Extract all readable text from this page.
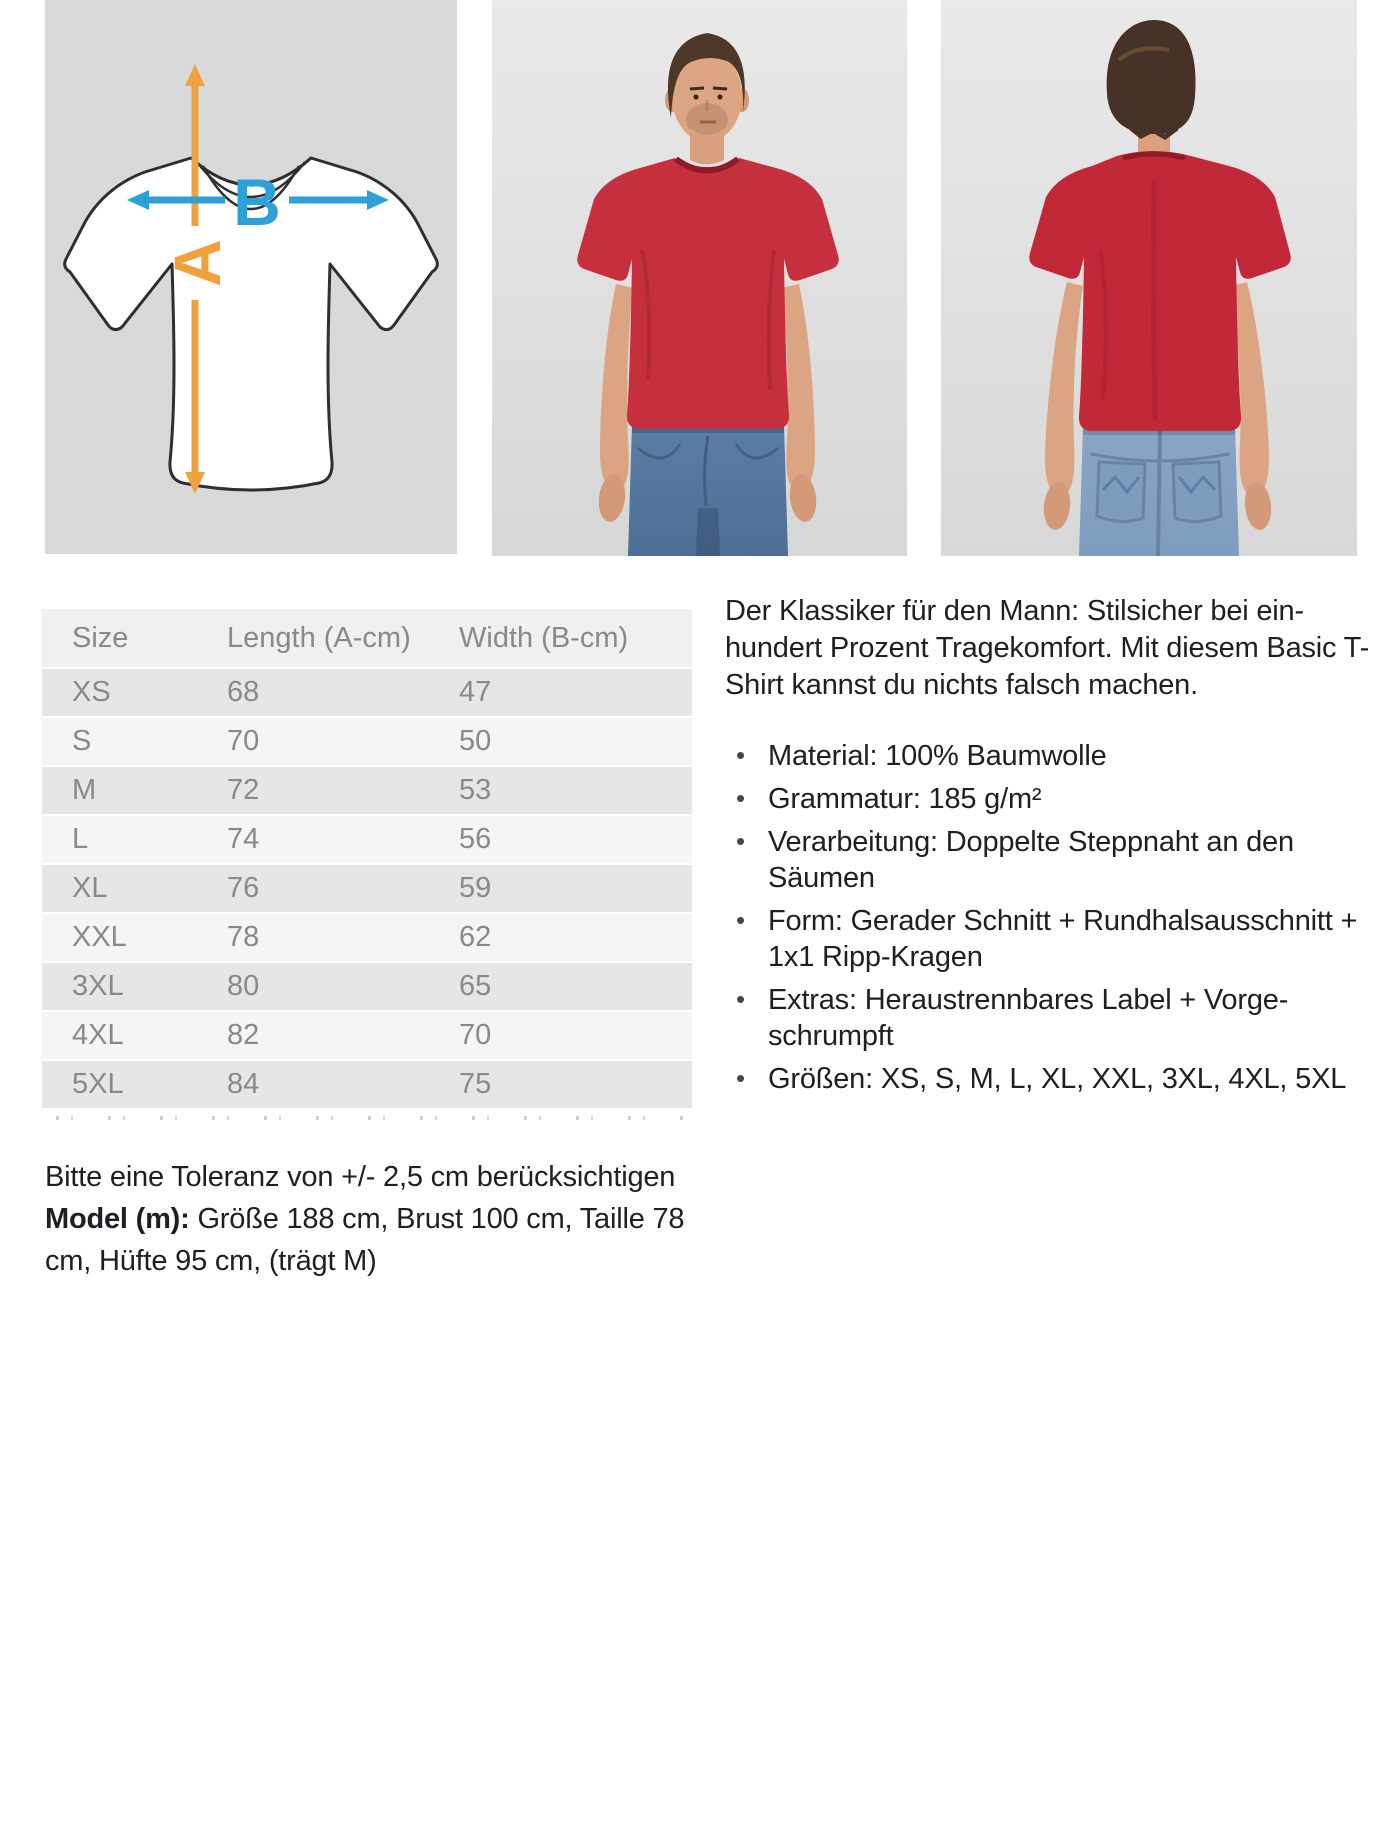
A
B
Size	Length (A-cm)	Width (B-cm)
XS	68	47
S	70	50
M	72	53
L	74	56
XL	76	59
XXL	78	62
3XL	80	65
4XL	82	70
5XL	84	75

Der Klassiker für den Mann: Stilsicher bei einhundert Prozent Tragekomfort. Mit diesem Basic T-Shirt kannst du nichts falsch machen.

• Material: 100% Baumwolle
• Grammatur: 185 g/m²
• Verarbeitung: Doppelte Steppnaht an den Säumen
• Form: Gerader Schnitt + Rundhalsausschnitt + 1x1 Ripp-Kragen
• Extras: Heraustrennbares Label + Vorgeschrumpft
• Größen: XS, S, M, L, XL, XXL, 3XL, 4XL, 5XL

Bitte eine Toleranz von +/- 2,5 cm berücksichtigen

Model (m): Größe 188 cm, Brust 100 cm, Taille 78 cm, Hüfte 95 cm, (trägt M)
